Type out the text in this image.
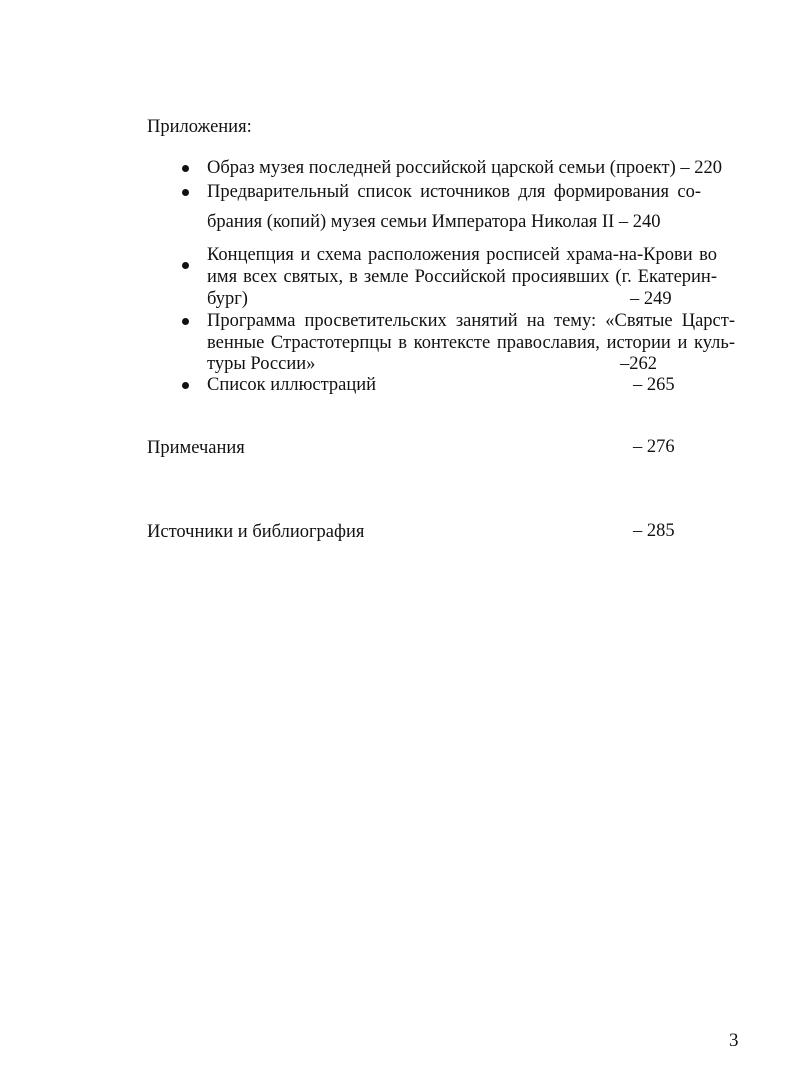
Приложения:
Образ музея последней российской царской семьи (проект) – 220
Предварительный список источников для формирования со-
брания (копий) музея семьи Императора Николая II – 240
Концепция и схема расположения росписей храма-на-Крови во
имя всех святых, в земле Российской просиявших (г. Екатерин-
бург)	– 249
Программа просветительских занятий на тему: «Святые Царст-
венные Страстотерпцы в контексте православия, истории и куль-
туры России»	–262
Список иллюстраций	– 265
Примечания	– 276
Источники и библиография	– 285
3
